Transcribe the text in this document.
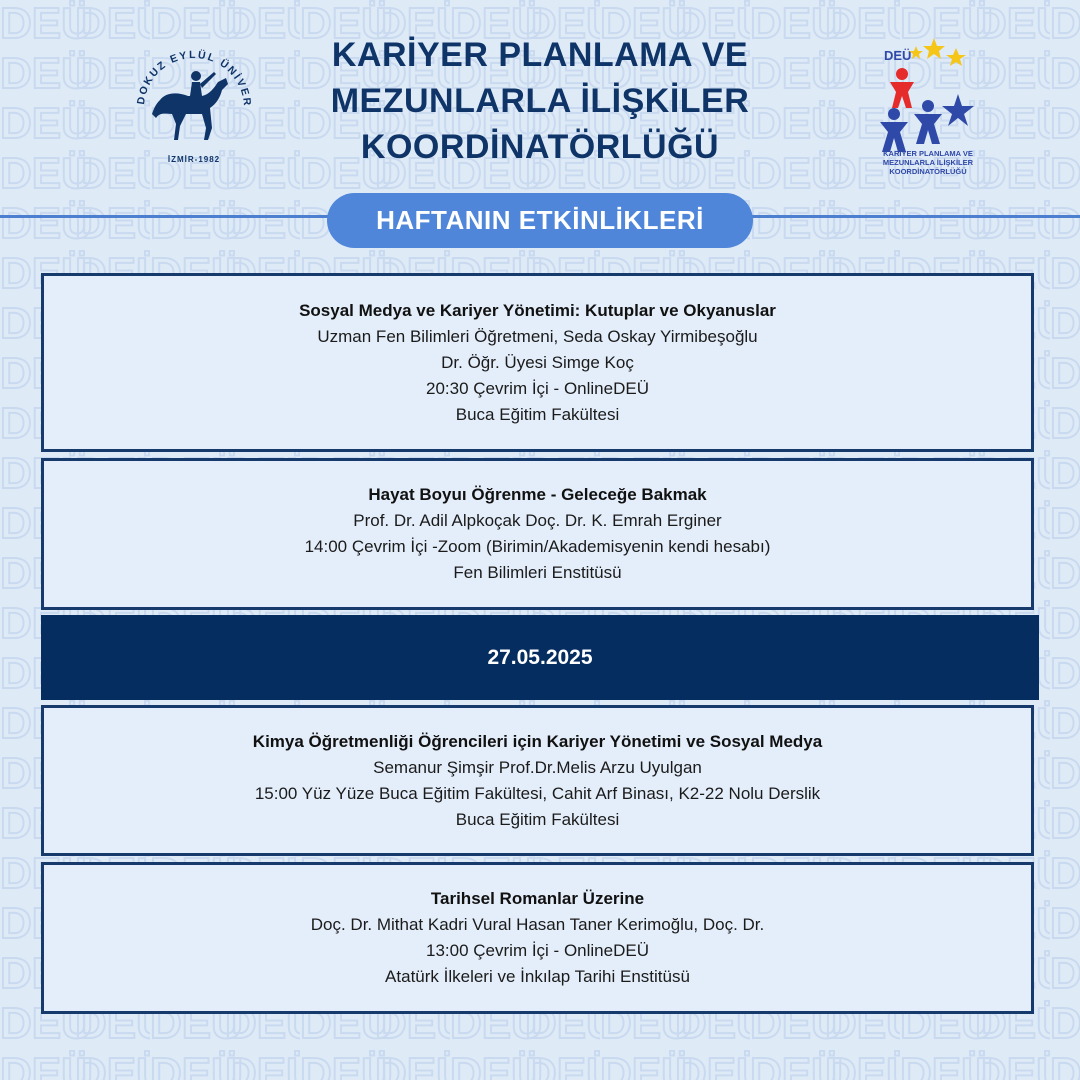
DOKUZ EYLÜL ÜNİVER
İZMİR-1982
KARİYER PLANLAMA VE
MEZUNLARLA İLİŞKİLER
KOORDİNATÖRLÜĞÜ
DEÜ
KARİYER PLANLAMA VE
MEZUNLARLA İLİŞKİLER
KOORDİNATÖRLÜĞÜ
HAFTANIN ETKİNLİKLERİ
Sosyal Medya ve Kariyer Yönetimi: Kutuplar ve Okyanuslar
Uzman Fen Bilimleri Öğretmeni, Seda Oskay Yirmibeşoğlu
Dr. Öğr. Üyesi Simge Koç
20:30 Çevrim İçi - OnlineDEÜ
Buca Eğitim Fakültesi
Hayat Boyuı Öğrenme - Geleceğe Bakmak
Prof. Dr. Adil Alpkoçak Doç. Dr. K. Emrah Erginer
14:00 Çevrim İçi -Zoom (Birimin/Akademisyenin kendi hesabı)
Fen Bilimleri Enstitüsü
27.05.2025
Kimya Öğretmenliği Öğrencileri için Kariyer Yönetimi ve Sosyal Medya
Semanur Şimşir Prof.Dr.Melis Arzu Uyulgan
15:00 Yüz Yüze Buca Eğitim Fakültesi, Cahit Arf Binası, K2-22 Nolu Derslik
Buca Eğitim Fakültesi
Tarihsel Romanlar Üzerine
Doç. Dr. Mithat Kadri Vural Hasan Taner Kerimoğlu, Doç. Dr.
13:00 Çevrim İçi - OnlineDEÜ
Atatürk İlkeleri ve İnkılap Tarihi Enstitüsü
